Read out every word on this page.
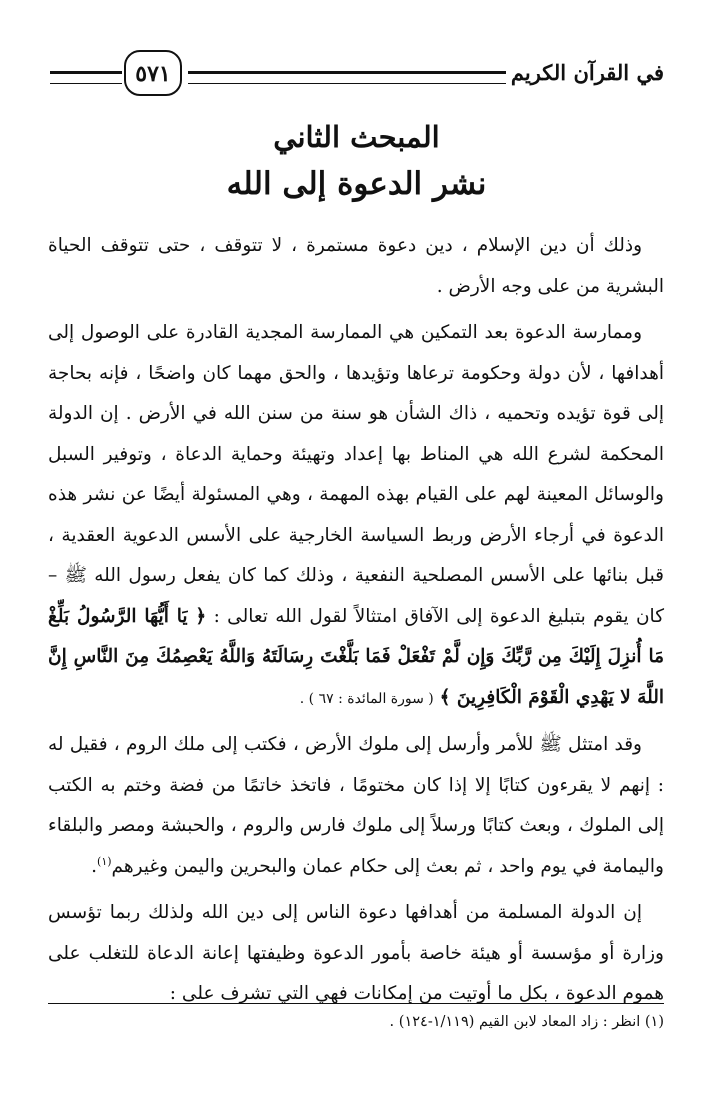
٥٧١	في القرآن الكريم
المبحث الثاني
نشر الدعوة إلى الله

وذلك أن دين الإسلام ، دين دعوة مستمرة ، لا تتوقف ، حتى تتوقف الحياة البشرية من على وجه الأرض .

وممارسة الدعوة بعد التمكين هي الممارسة المجدية القادرة على الوصول إلى أهدافها ، لأن دولة وحكومة ترعاها وتؤيدها ، والحق مهما كان واضحًا ، فإنه بحاجة إلى قوة تؤيده وتحميه ، ذاك الشأن هو سنة من سنن الله في الأرض . إن الدولة المحكمة لشرع الله هي المناط بها إعداد وتهيئة وحماية الدعاة ، وتوفير السبل والوسائل المعينة لهم على القيام بهذه المهمة ، وهي المسئولة أيضًا عن نشر هذه الدعوة في أرجاء الأرض وربط السياسة الخارجية على الأسس الدعوية العقدية ، قبل بنائها على الأسس المصلحية النفعية ، وذلك كما كان يفعل رسول الله ﷺ – كان يقوم بتبليغ الدعوة إلى الآفاق امتثالاً لقول الله تعالى : ﴿ يَا أَيُّهَا الرَّسُولُ بَلِّغْ مَا أُنزِلَ إِلَيْكَ مِن رَّبِّكَ وَإِن لَّمْ تَفْعَلْ فَمَا بَلَّغْتَ رِسَالَتَهُ وَاللَّهُ يَعْصِمُكَ مِنَ النَّاسِ إِنَّ اللَّهَ لا يَهْدِي الْقَوْمَ الْكَافِرِينَ ﴾ ( سورة المائدة : ٦٧ ) .

وقد امتثل ﷺ للأمر وأرسل إلى ملوك الأرض ، فكتب إلى ملك الروم ، فقيل له : إنهم لا يقرءون كتابًا إلا إذا كان مختومًا ، فاتخذ خاتمًا من فضة وختم به الكتب إلى الملوك ، وبعث كتابًا ورسلاً إلى ملوك فارس والروم ، والحبشة ومصر والبلقاء واليمامة في يوم واحد ، ثم بعث إلى حكام عمان والبحرين واليمن وغيرهم$^{(١)}$.

إن الدولة المسلمة من أهدافها دعوة الناس إلى دين الله ولذلك ربما تؤسس وزارة أو مؤسسة أو هيئة خاصة بأمور الدعوة وظيفتها إعانة الدعاة للتغلب على هموم الدعوة ، بكل ما أوتيت من إمكانات فهي التي تشرف على :

(١) انظر : زاد المعاد لابن القيم (١/١١٩-١٢٤) .
